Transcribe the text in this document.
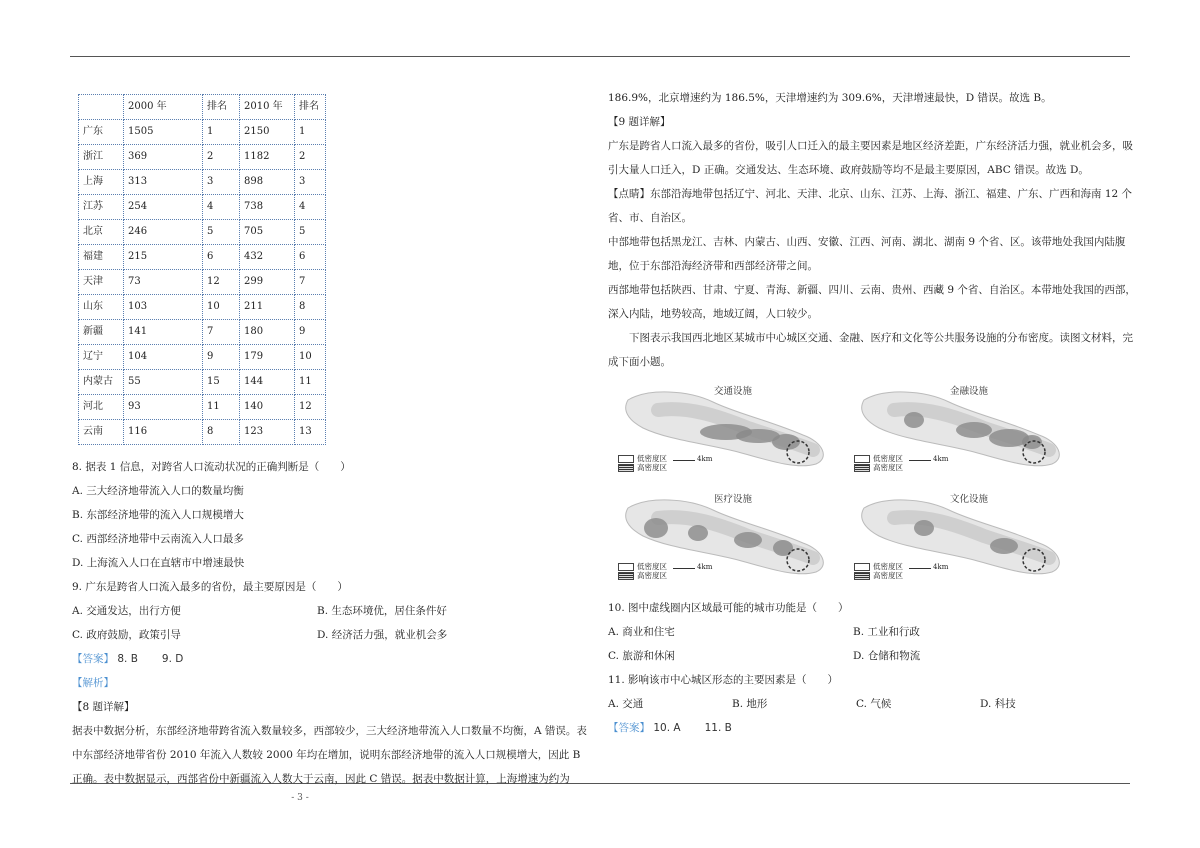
	2000 年	排名	2010 年	排名
广东	1505	1	2150	1
浙江	369	2	1182	2
上海	313	3	898	3
江苏	254	4	738	4
北京	246	5	705	5
福建	215	6	432	6
天津	73	12	299	7
山东	103	10	211	8
新疆	141	7	180	9
辽宁	104	9	179	10
内蒙古	55	15	144	11
河北	93	11	140	12
云南	116	8	123	13

8. 据表 1 信息，对跨省人口流动状况的正确判断是（　　）

A. 三大经济地带流入人口的数量均衡

B. 东部经济地带的流入人口规模增大

C. 西部经济地带中云南流入人口最多

D. 上海流入人口在直辖市中增速最快

9. 广东是跨省人口流入最多的省份，最主要原因是（　　）

A. 交通发达，出行方便	B. 生态环境优，居住条件好
C. 政府鼓励，政策引导	D. 经济活力强，就业机会多

【答案】 8. B 9. D

【解析】

【8 题详解】

据表中数据分析，东部经济地带跨省流入数量较多，西部较少，三大经济地带流入人口数量不均衡，A 错误。表中东部经济地带省份 2010 年流入人数较 2000 年均在增加，说明东部经济地带的流入人口规模增大，因此 B 正确。表中数据显示，西部省份中新疆流入人数大于云南，因此 C 错误。据表中数据计算，上海增速为约为

186.9%，北京增速约为 186.5%，天津增速约为 309.6%，天津增速最快，D 错误。故选 B。

【9 题详解】

广东是跨省人口流入最多的省份，吸引人口迁入的最主要因素是地区经济差距，广东经济活力强，就业机会多，吸引大量人口迁入，D 正确。交通发达、生态环境、政府鼓励等均不是最主要原因，ABC 错误。故选 D。

【点睛】东部沿海地带包括辽宁、河北、天津、北京、山东、江苏、上海、浙江、福建、广东、广西和海南 12 个省、市、自治区。

中部地带包括黑龙江、吉林、内蒙古、山西、安徽、江西、河南、湖北、湖南 9 个省、区。该带地处我国内陆腹地，位于东部沿海经济带和西部经济带之间。

西部地带包括陕西、甘肃、宁夏、青海、新疆、四川、云南、贵州、西藏 9 个省、自治区。本带地处我国的西部，深入内陆，地势较高，地域辽阔，人口较少。

下图表示我国西北地区某城市中心城区交通、金融、医疗和文化等公共服务设施的分布密度。读图文材料，完成下面小题。

交通设施
低密度区
高密度区
4km
金融设施
低密度区
高密度区
4km
医疗设施
低密度区
高密度区
4km
文化设施
低密度区
高密度区
4km

10. 图中虚线圈内区域最可能的城市功能是（　　）

A. 商业和住宅	B. 工业和行政
C. 旅游和休闲	D. 仓储和物流

11. 影响该市中心城区形态的主要因素是（　　）

A. 交通	B. 地形	C. 气候	D. 科技

【答案】 10. A 11. B

- 3 -
